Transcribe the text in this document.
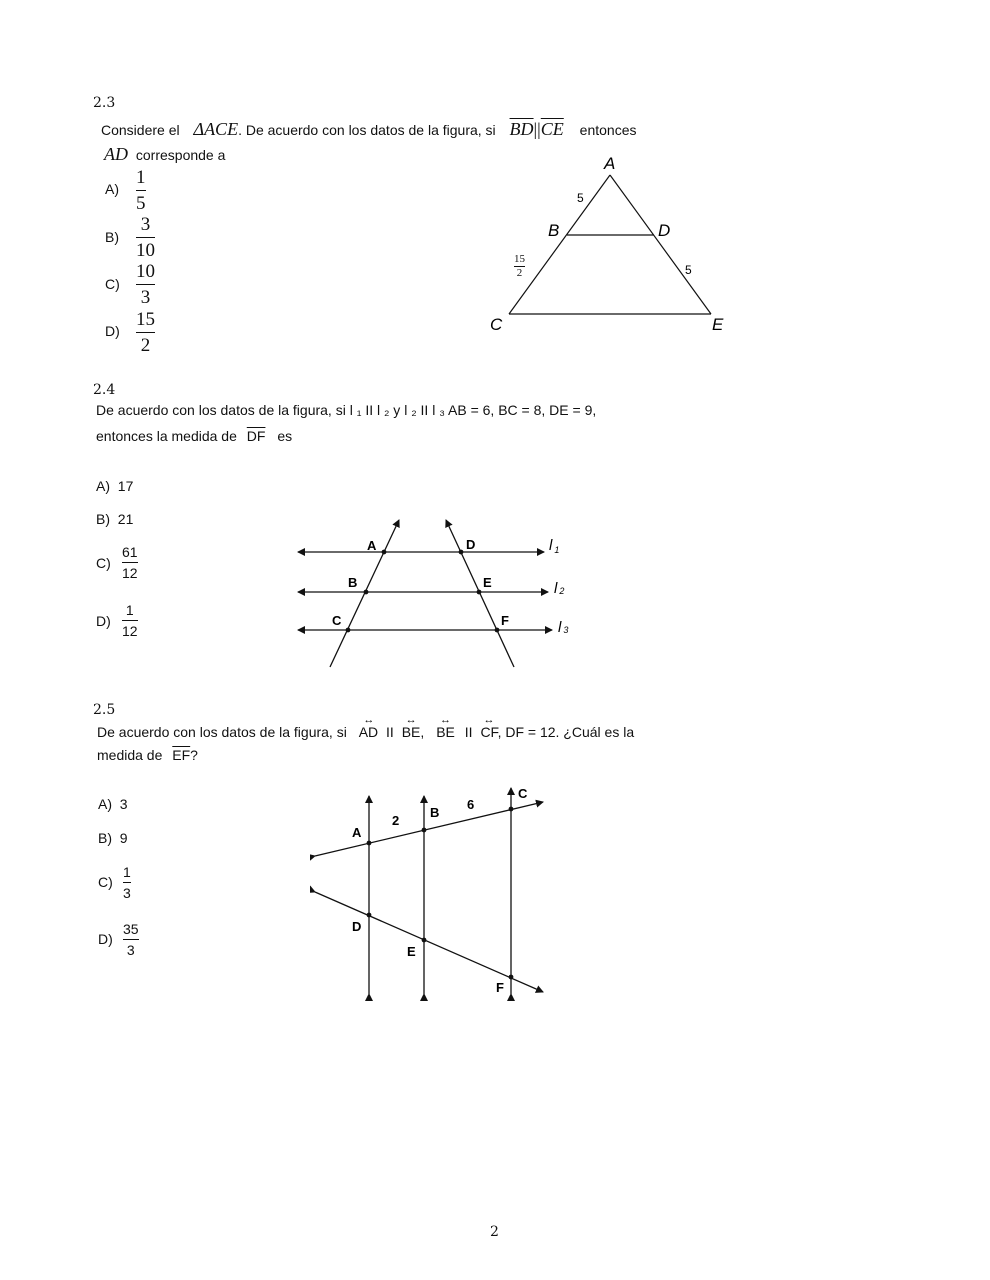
2.3
Considere el ΔACE. De acuerdo con los datos de la figura, si $\overline{BD}||\overline{CE}$ entonces
AD corresponde a
A)
1
5
B)
3
10
C)
10
3
D)
15
2
A
B	D
C	E
5
5
15
2
2.4
De acuerdo con los datos de la figura, si l ₁ II l ₂ y l ₂ II l ₃ AB = 6, BC = 8, DE = 9,
entonces la medida de $\overline{DF}$ es
A) 17
B) 21
C)
61
12
D)
1
12
A	D
B	E
C	F
l $_1$
l 2
l 3
2.5
De acuerdo con los datos de la figura, si
↔
AD II
↔
BE,
↔
BE II
↔
CF, DF = 12. ¿Cuál es la
medida de $\overline{EF}$?
A) 3
B) 9
C)
1
3
D)
35
3
A
B
C
D
E
F
2
6
2
